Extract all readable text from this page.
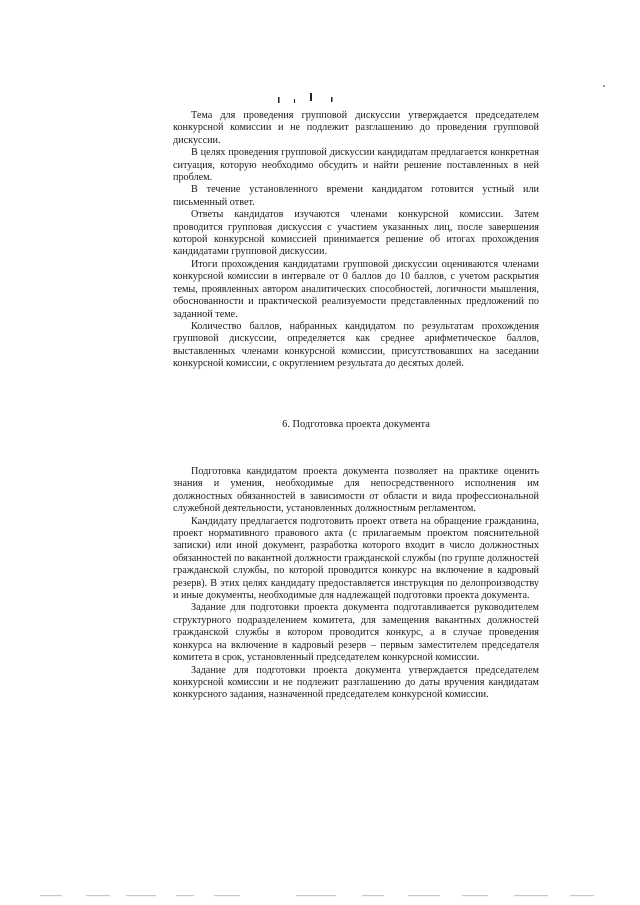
Тема для проведения групповой дискуссии утверждается председателем конкурсной комиссии и не подлежит разглашению до проведения групповой дискуссии.

В целях проведения групповой дискуссии кандидатам предлагается конкретная ситуация, которую необходимо обсудить и найти решение поставленных в ней проблем.

В течение установленного времени кандидатом готовится устный или письменный ответ.

Ответы кандидатов изучаются членами конкурсной комиссии. Затем проводится групповая дискуссия с участием указанных лиц, после завершения которой конкурсной комиссией принимается решение об итогах прохождения кандидатами групповой дискуссии.

Итоги прохождения кандидатами групповой дискуссии оцениваются членами конкурсной комиссии в интервале от 0 баллов до 10 баллов, с учетом раскрытия темы, проявленных автором аналитических способностей, логичности мышления, обоснованности и практической реализуемости представленных предложений по заданной теме.

Количество баллов, набранных кандидатом по результатам прохождения групповой дискуссии, определяется как среднее арифметическое баллов, выставленных членами конкурсной комиссии, присутствовавших на заседании конкурсной комиссии, с округлением результата до десятых долей.

6. Подготовка проекта документа

Подготовка кандидатом проекта документа позволяет на практике оценить знания и умения, необходимые для непосредственного исполнения им должностных обязанностей в зависимости от области и вида профессиональной служебной деятельности, установленных должностным регламентом.

Кандидату предлагается подготовить проект ответа на обращение гражданина, проект нормативного правового акта (с прилагаемым проектом пояснительной записки) или иной документ, разработка которого входит в число должностных обязанностей по вакантной должности гражданской службы (по группе должностей гражданской службы, по которой проводится конкурс на включение в кадровый резерв). В этих целях кандидату предоставляется инструкция по делопроизводству и иные документы, необходимые для надлежащей подготовки проекта документа.

Задание для подготовки проекта документа подготавливается руководителем структурного подразделением комитета, для замещения вакантных должностей гражданской службы в котором проводится конкурс, а в случае проведения конкурса на включение в кадровый резерв – первым заместителем председателя комитета в срок, установленный председателем конкурсной комиссии.

Задание для подготовки проекта документа утверждается председателем конкурсной комиссии и не подлежит разглашению до даты вручения кандидатам конкурсного задания, назначенной председателем конкурсной комиссии.
